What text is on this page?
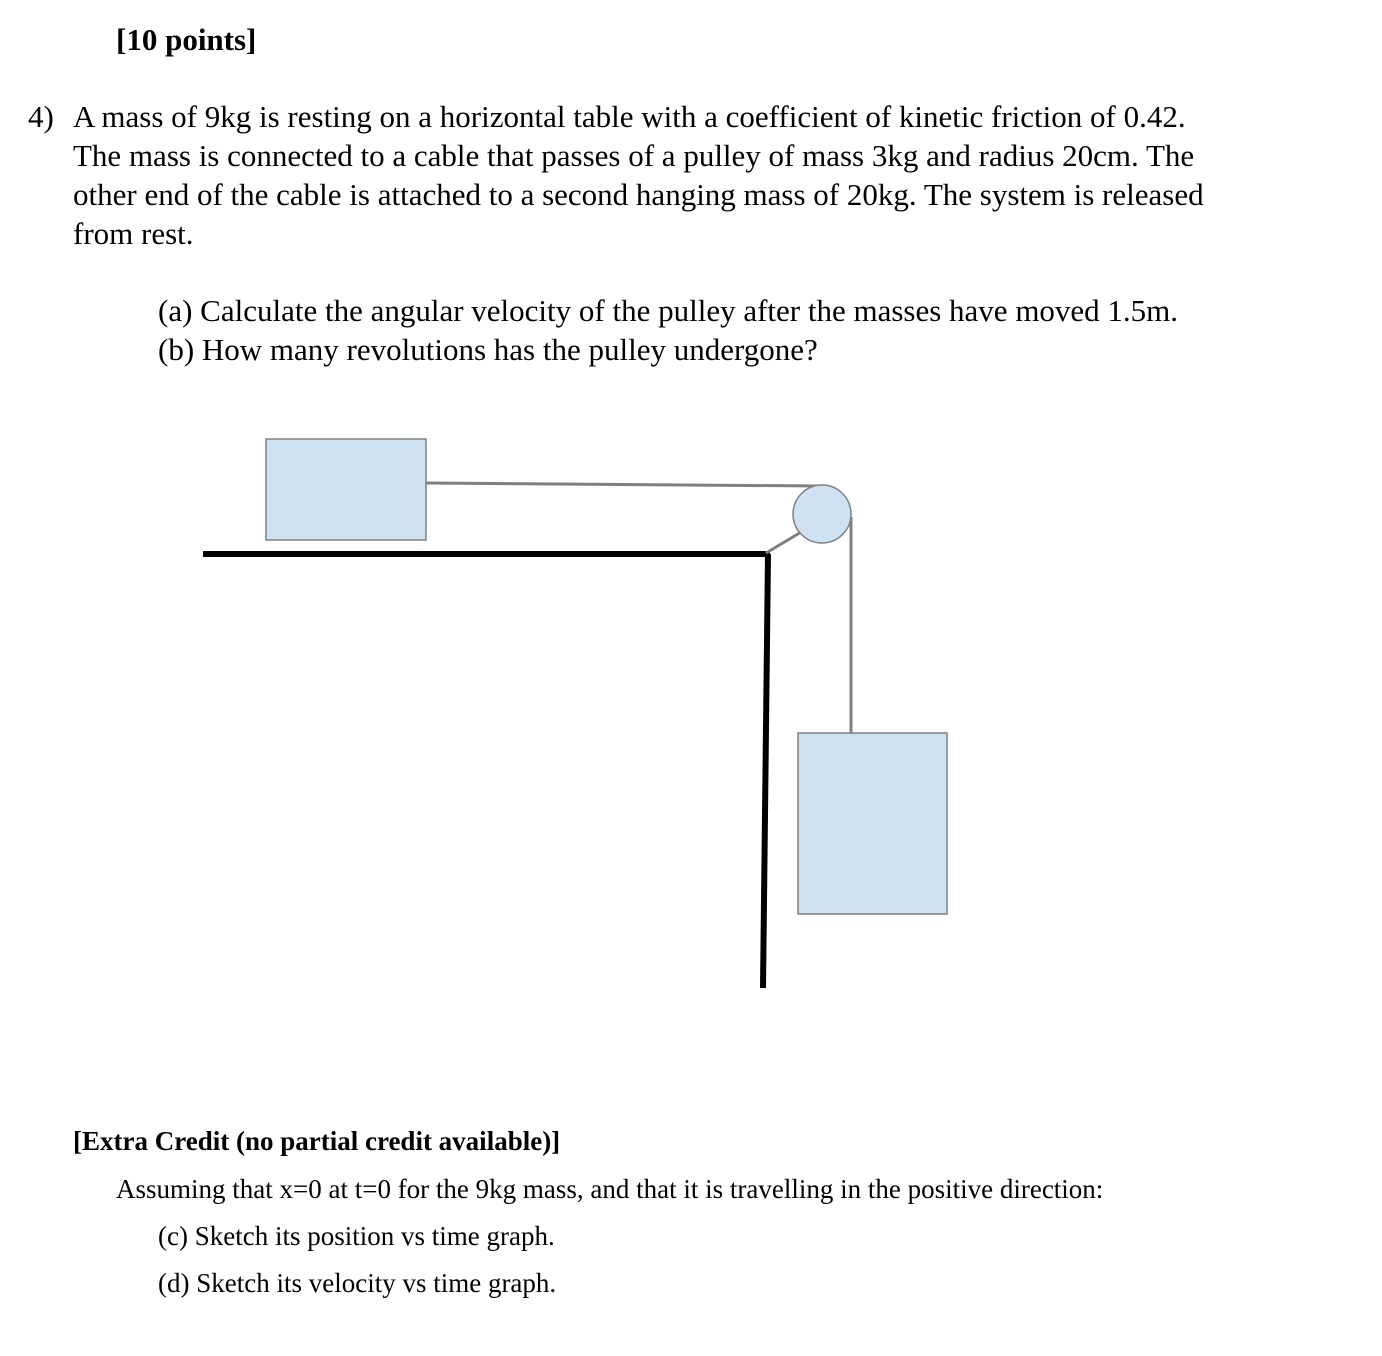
[10 points]
4) A mass of 9kg is resting on a horizontal table with a coefficient of kinetic friction of 0.42.
The mass is connected to a cable that passes of a pulley of mass 3kg and radius 20cm. The
other end of the cable is attached to a second hanging mass of 20kg. The system is released
from rest.
(a) Calculate the angular velocity of the pulley after the masses have moved 1.5m.
(b) How many revolutions has the pulley undergone?
[Extra Credit (no partial credit available)]
Assuming that x=0 at t=0 for the 9kg mass, and that it is travelling in the positive direction:
(c) Sketch its position vs time graph.
(d) Sketch its velocity vs time graph.
